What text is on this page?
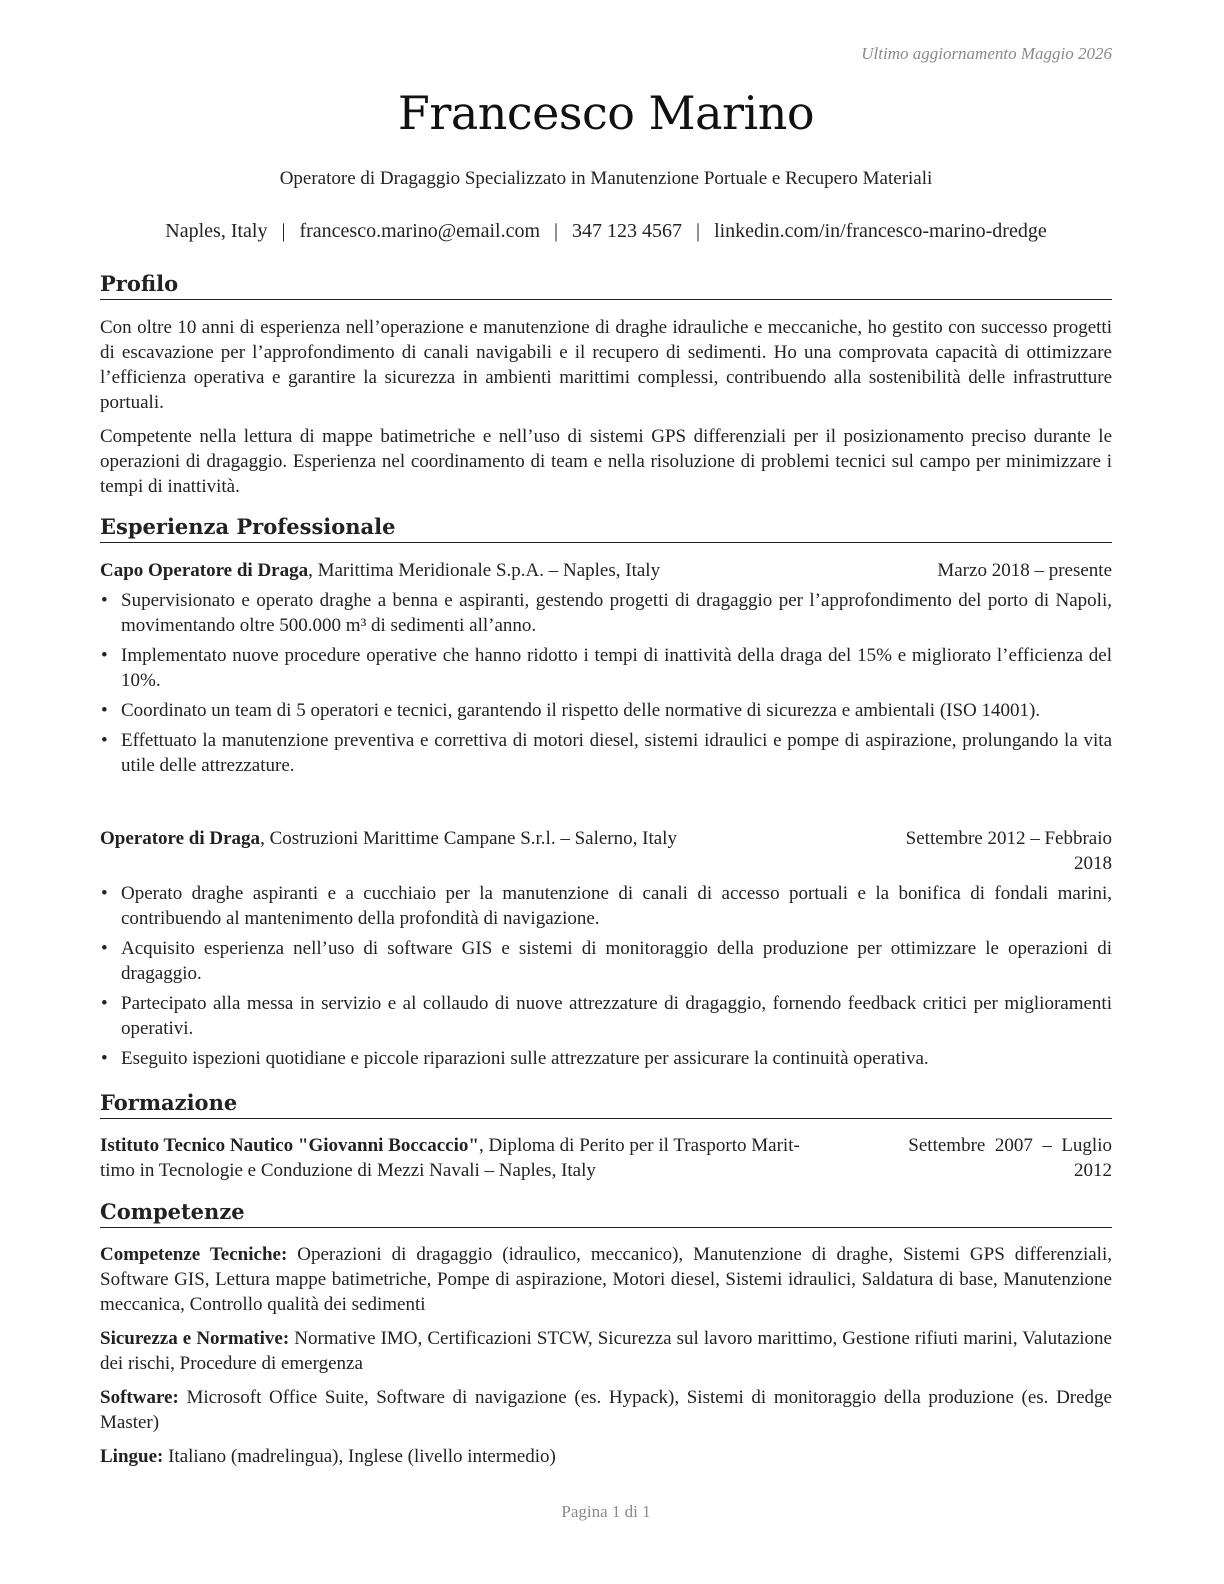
Ultimo aggiornamento Maggio 2026
Francesco Marino
Operatore di Dragaggio Specializzato in Manutenzione Portuale e Recupero Materiali
Naples, Italy | francesco.marino@email.com | 347 123 4567 | linkedin.com/in/francesco-marino-dredge
Profilo

Con oltre 10 anni di esperienza nell’operazione e manutenzione di draghe idrauliche e meccaniche, ho gestito con successo progetti di escavazione per l’approfondimento di canali navigabili e il recupero di sedimenti. Ho una comprovata capacità di ottimizzare l’efficienza operativa e garantire la sicurezza in ambienti marittimi complessi, contribuendo alla sostenibilità delle infrastrutture portuali.

Competente nella lettura di mappe batimetriche e nell’uso di sistemi GPS differenziali per il posizionamento preciso durante le operazioni di dragaggio. Esperienza nel coordinamento di team e nella risoluzione di problemi tecnici sul campo per minimizzare i tempi di inattività.

Esperienza Professionale
Capo Operatore di Draga, Marittima Meridionale S.p.A. – Naples, Italy	Marzo 2018 – presente
• Supervisionato e operato draghe a benna e aspiranti, gestendo progetti di dragaggio per l’approfondimento del porto di Napoli, movimentando oltre 500.000 m³ di sedimenti all’anno.
• Implementato nuove procedure operative che hanno ridotto i tempi di inattività della draga del 15% e migliorato l’efficienza del 10%.
• Coordinato un team di 5 operatori e tecnici, garantendo il rispetto delle normative di sicurezza e ambientali (ISO 14001).
• Effettuato la manutenzione preventiva e correttiva di motori diesel, sistemi idraulici e pompe di aspirazione, prolungando la vita utile delle attrezzature.
Operatore di Draga, Costruzioni Marittime Campane S.r.l. – Salerno, Italy	Settembre 2012 – Febbraio
2018
• Operato draghe aspiranti e a cucchiaio per la manutenzione di canali di accesso portuali e la bonifica di fondali marini, contribuendo al mantenimento della profondità di navigazione.
• Acquisito esperienza nell’uso di software GIS e sistemi di monitoraggio della produzione per ottimizzare le operazioni di dragaggio.
• Partecipato alla messa in servizio e al collaudo di nuove attrezzature di dragaggio, fornendo feedback critici per miglioramenti operativi.
• Eseguito ispezioni quotidiane e piccole riparazioni sulle attrezzature per assicurare la continuità operativa.
Formazione
Istituto Tecnico Nautico "Giovanni Boccaccio", Diploma di Perito per il Trasporto Marit-
timo in Tecnologie e Conduzione di Mezzi Navali – Naples, Italy
Settembre  2007  –  Luglio
2012
Competenze
Competenze Tecniche: Operazioni di dragaggio (idraulico, meccanico), Manutenzione di draghe, Sistemi GPS differenziali, Software GIS, Lettura mappe batimetriche, Pompe di aspirazione, Motori diesel, Sistemi idraulici, Saldatura di base, Manutenzione meccanica, Controllo qualità dei sedimenti
Sicurezza e Normative: Normative IMO, Certificazioni STCW, Sicurezza sul lavoro marittimo, Gestione rifiuti marini, Valutazione dei rischi, Procedure di emergenza
Software: Microsoft Office Suite, Software di navigazione (es. Hypack), Sistemi di monitoraggio della produzione (es. Dredge Master)
Lingue: Italiano (madrelingua), Inglese (livello intermedio)
Pagina 1 di 1
